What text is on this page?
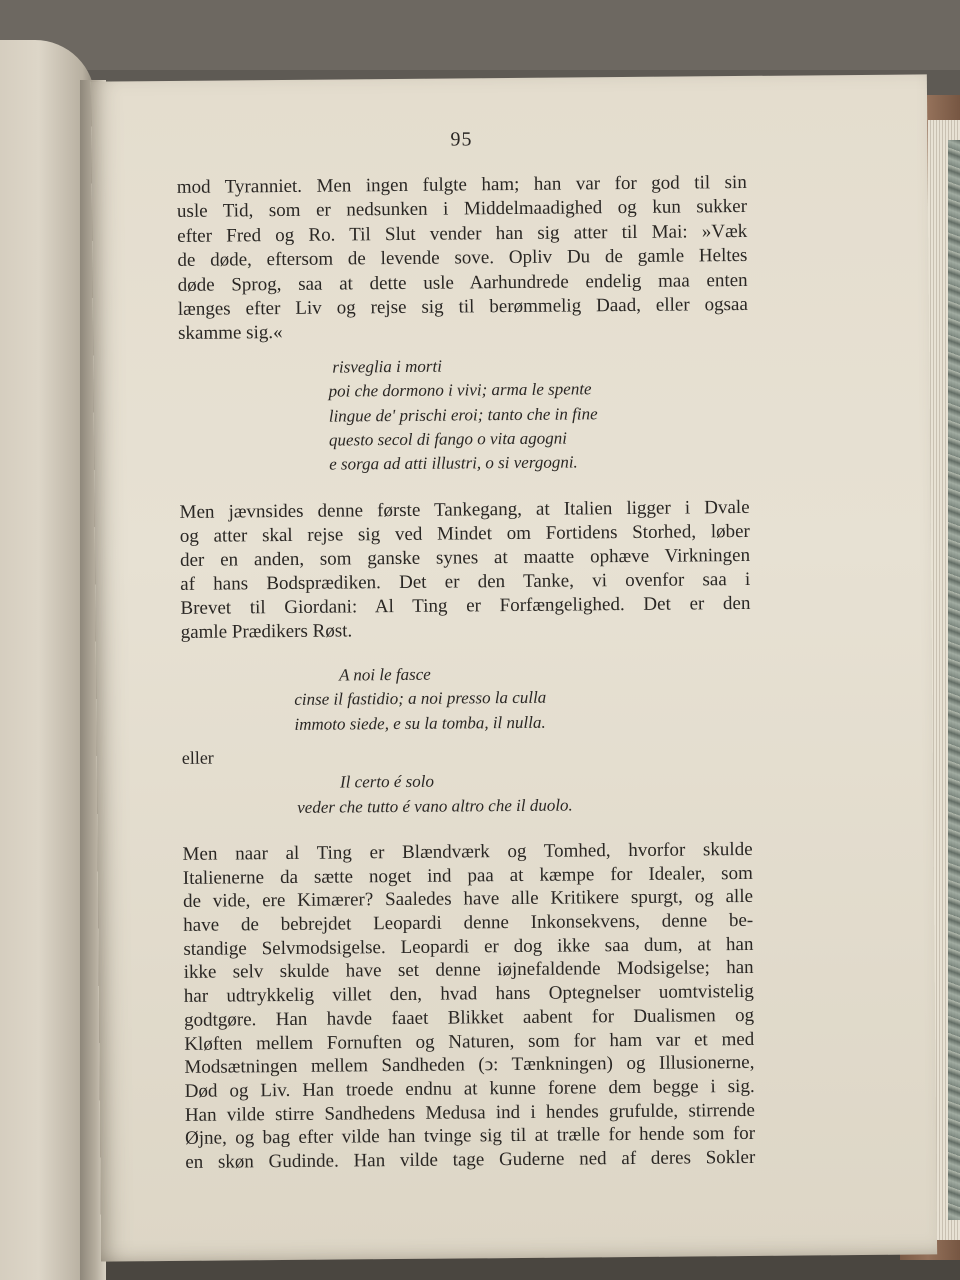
95
mod Tyranniet. Men ingen fulgte ham; han var for god til sin
usle Tid, som er nedsunken i Middelmaadighed og kun sukker
efter Fred og Ro. Til Slut vender han sig atter til Mai: »Væk
de døde, eftersom de levende sove. Opliv Du de gamle Heltes
døde Sprog, saa at dette usle Aarhundrede endelig maa enten
længes efter Liv og rejse sig til berømmelig Daad, eller ogsaa
skamme sig.«
risveglia i morti
poi che dormono i vivi; arma le spente
lingue de' prischi eroi; tanto che in fine
questo secol di fango o vita agogni
e sorga ad atti illustri, o si vergogni.
Men jævnsides denne første Tankegang, at Italien ligger i Dvale
og atter skal rejse sig ved Mindet om Fortidens Storhed, løber
der en anden, som ganske synes at maatte ophæve Virkningen
af hans Bodsprædiken. Det er den Tanke, vi ovenfor saa i
Brevet til Giordani: Al Ting er Forfængelighed. Det er den
gamle Prædikers Røst.
A noi le fasce
cinse il fastidio; a noi presso la culla
immoto siede, e su la tomba, il nulla.
eller
Il certo é solo
veder che tutto é vano altro che il duolo.
Men naar al Ting er Blændværk og Tomhed, hvorfor skulde
Italienerne da sætte noget ind paa at kæmpe for Idealer, som
de vide, ere Kimærer? Saaledes have alle Kritikere spurgt, og alle
have de bebrejdet Leopardi denne Inkonsekvens, denne be-
standige Selvmodsigelse. Leopardi er dog ikke saa dum, at han
ikke selv skulde have set denne iøjnefaldende Modsigelse; han
har udtrykkelig villet den, hvad hans Optegnelser uomtvistelig
godtgøre. Han havde faaet Blikket aabent for Dualismen og
Kløften mellem Fornuften og Naturen, som for ham var et med
Modsætningen mellem Sandheden (ↄ: Tænkningen) og Illusionerne,
Død og Liv. Han troede endnu at kunne forene dem begge i sig.
Han vilde stirre Sandhedens Medusa ind i hendes grufulde, stirrende
Øjne, og bag efter vilde han tvinge sig til at trælle for hende som for
en skøn Gudinde. Han vilde tage Guderne ned af deres Sokler
